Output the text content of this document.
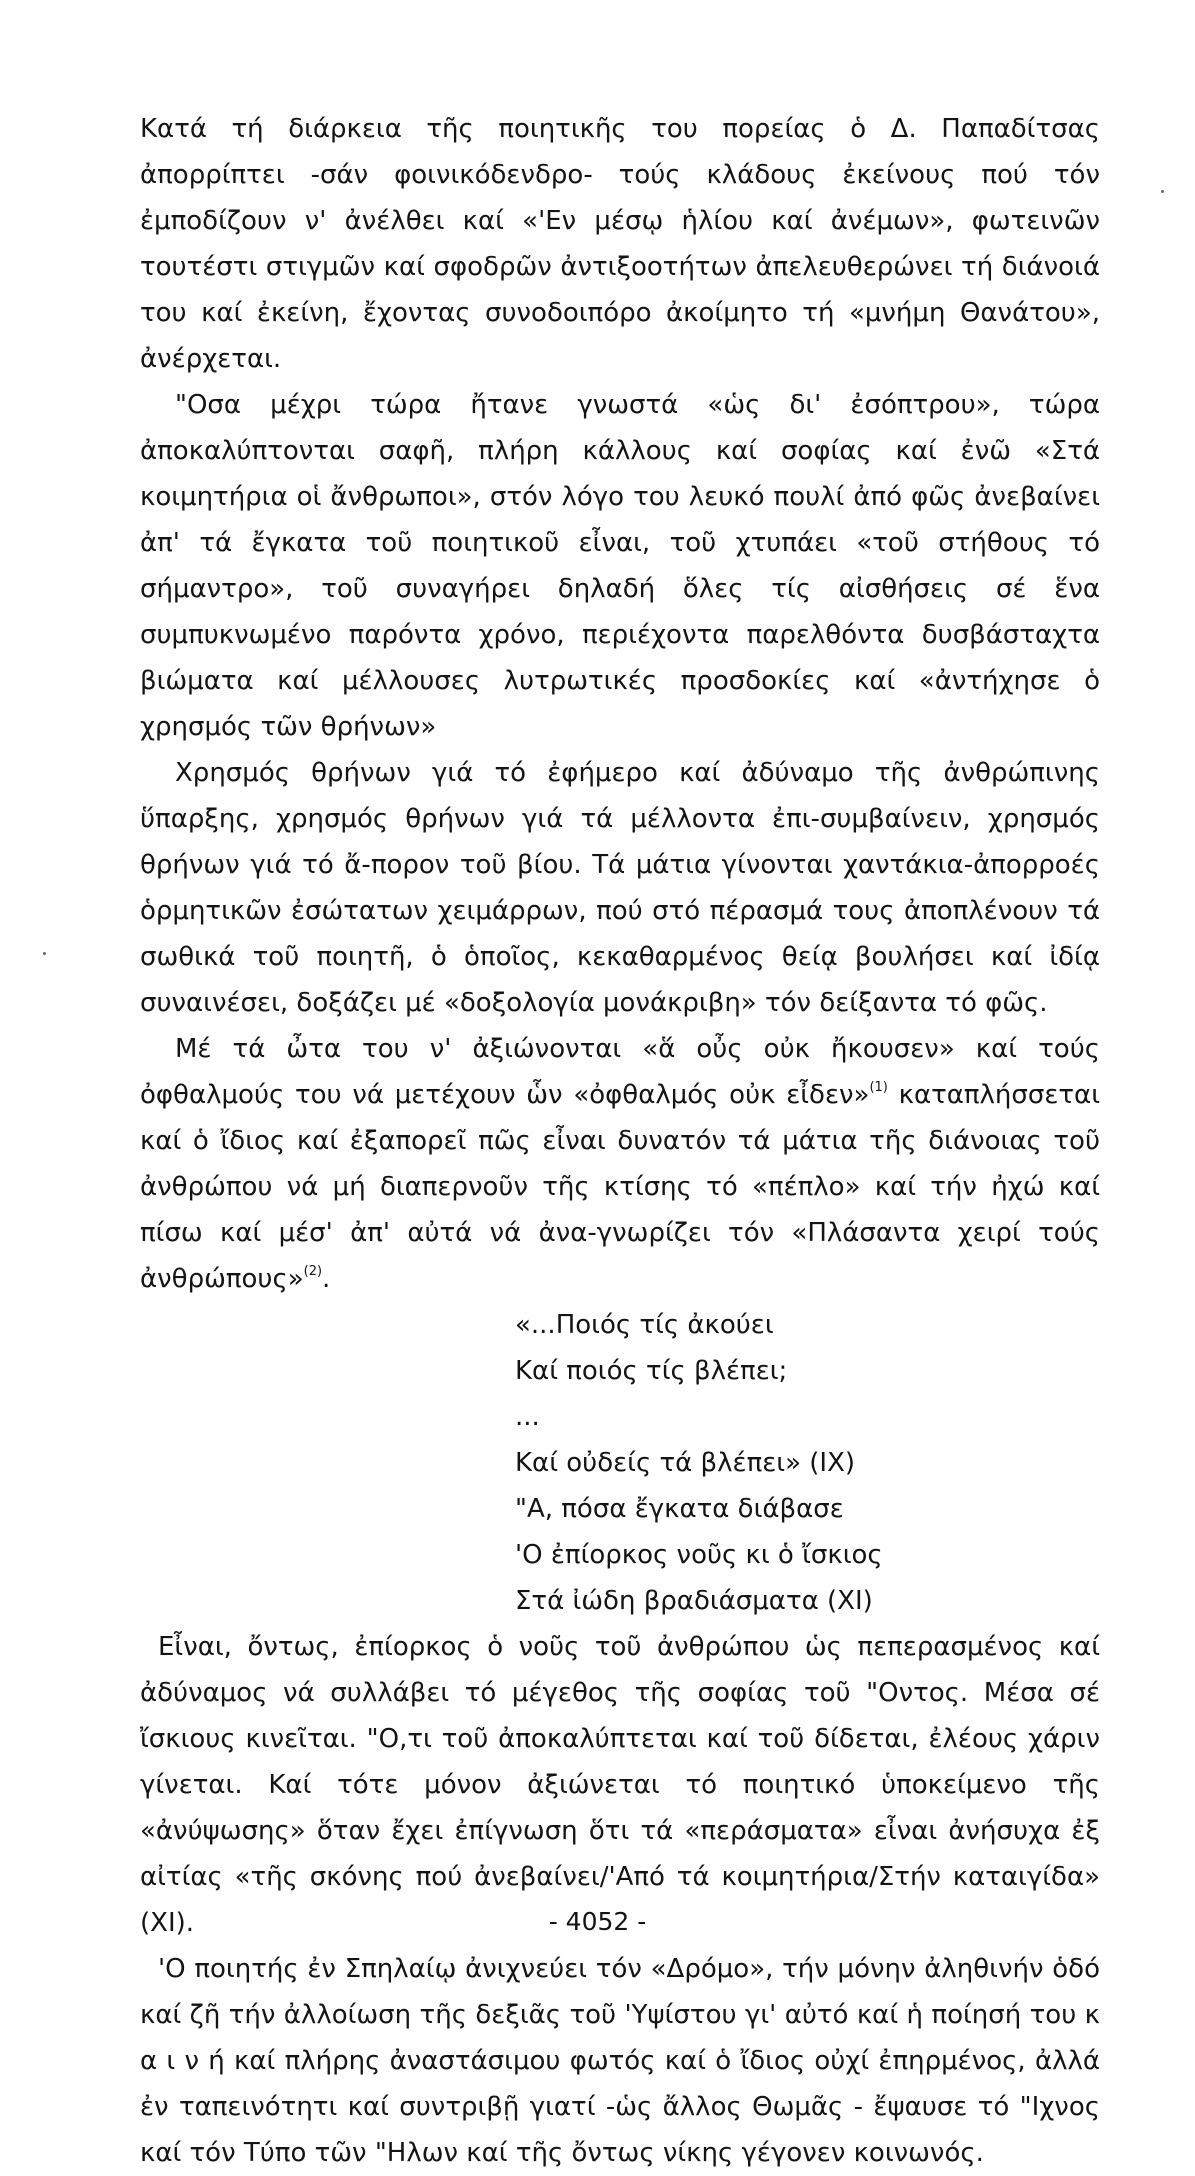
Κατά τή διάρκεια τῆς ποιητικῆς του πορείας ὁ Δ. Παπαδίτσας ἀπορρίπτει -σάν φοινικόδενδρο- τούς κλάδους ἐκείνους πού τόν ἐμποδίζουν ν' ἀνέλθει καί «'Εν μέσῳ ἡλίου καί ἀνέμων», φωτεινῶν τουτέστι στιγμῶν καί σφοδρῶν ἀντιξοοτήτων ἀπελευθερώνει τή διάνοιά του καί ἐκείνη, ἔχοντας συνοδοιπόρο ἀκοίμητο τή «μνήμη Θανάτου», ἀνέρχεται.

"Οσα μέχρι τώρα ἤτανε γνωστά «ὡς δι' ἐσόπτρου», τώρα ἀποκαλύπτονται σαφῆ, πλήρη κάλλους καί σοφίας καί ἐνῶ «Στά κοιμητήρια οἱ ἄνθρωποι», στόν λόγο του λευκό πουλί ἀπό φῶς ἀνεβαίνει ἀπ' τά ἔγκατα τοῦ ποιητικοῦ εἶναι, τοῦ χτυπάει «τοῦ στήθους τό σήμαντρο», τοῦ συναγήρει δηλαδή ὅλες τίς αἰσθήσεις σέ ἕνα συμπυκνωμένο παρόντα χρόνο, περιέχοντα παρελθόντα δυσβάσταχτα βιώματα καί μέλλουσες λυτρωτικές προσδοκίες καί «ἀντήχησε ὁ χρησμός τῶν θρήνων»

Χρησμός θρήνων γιά τό ἐφήμερο καί ἀδύναμο τῆς ἀνθρώπινης ὕπαρξης, χρησμός θρήνων γιά τά μέλλοντα ἐπι-συμβαίνειν, χρησμός θρήνων γιά τό ἄ-πορον τοῦ βίου. Τά μάτια γίνονται χαντάκια-ἀπορροές ὁρμητικῶν ἐσώτατων χειμάρρων, πού στό πέρασμά τους ἀποπλένουν τά σωθικά τοῦ ποιητῆ, ὁ ὁποῖος, κεκαθαρμένος θείᾳ βουλήσει καί ἰδίᾳ συναινέσει, δοξάζει μέ «δοξολογία μονάκριβη» τόν δείξαντα τό φῶς.

Μέ τά ὦτα του ν' ἀξιώνονται «ἅ οὖς οὐκ ἤκουσεν» καί τούς ὀφθαλμούς του νά μετέχουν ὧν «ὀφθαλμός οὐκ εἶδεν»$^{(1)}$ καταπλήσσεται καί ὁ ἴδιος καί ἐξαπορεῖ πῶς εἶναι δυνατόν τά μάτια τῆς διάνοιας τοῦ ἀνθρώπου νά μή διαπερνοῦν τῆς κτίσης τό «πέπλο» καί τήν ἠχώ καί πίσω καί μέσ' ἀπ' αὐτά νά ἀνα-γνωρίζει τόν «Πλάσαντα χειρί τούς ἀνθρώπους»$^{(2)}$.

«...Ποιός τίς ἀκούει
Καί ποιός τίς βλέπει;
...
Καί οὐδείς τά βλέπει» (IX)
"Α, πόσα ἔγκατα διάβασε
'Ο ἐπίορκος νοῦς κι ὁ ἴσκιος
Στά ἰώδη βραδιάσματα (XI)

Εἶναι, ὄντως, ἐπίορκος ὁ νοῦς τοῦ ἀνθρώπου ὡς πεπερασμένος καί ἀδύναμος νά συλλάβει τό μέγεθος τῆς σοφίας τοῦ "Οντος. Μέσα σέ ἴσκιους κινεῖται. "Ο,τι τοῦ ἀποκαλύπτεται καί τοῦ δίδεται, ἐλέους χάριν γίνεται. Καί τότε μόνον ἀξιώνεται τό ποιητικό ὑποκείμενο τῆς «ἀνύψωσης» ὅταν ἔχει ἐπίγνωση ὅτι τά «περάσματα» εἶναι ἀνήσυχα ἐξ αἰτίας «τῆς σκόνης πού ἀνεβαίνει/'Από τά κοιμητήρια/Στήν καταιγίδα» (XI).

'Ο ποιητής ἐν Σπηλαίῳ ἀνιχνεύει τόν «Δρόμο», τήν μόνην ἀληθινήν ὁδό καί ζῆ τήν ἀλλοίωση τῆς δεξιᾶς τοῦ 'Υψίστου γι' αὐτό καί ἡ ποίησή του κ α ι ν ή καί πλήρης ἀναστάσιμου φωτός καί ὁ ἴδιος οὐχί ἐπηρμένος, ἀλλά ἐν ταπεινότητι καί συντριβῇ γιατί -ὡς ἄλλος Θωμᾶς - ἔψαυσε τό "Ιχνος καί τόν Τύπο τῶν "Ηλων καί τῆς ὄντως νίκης γέγονεν κοινωνός.

- 4052 -
